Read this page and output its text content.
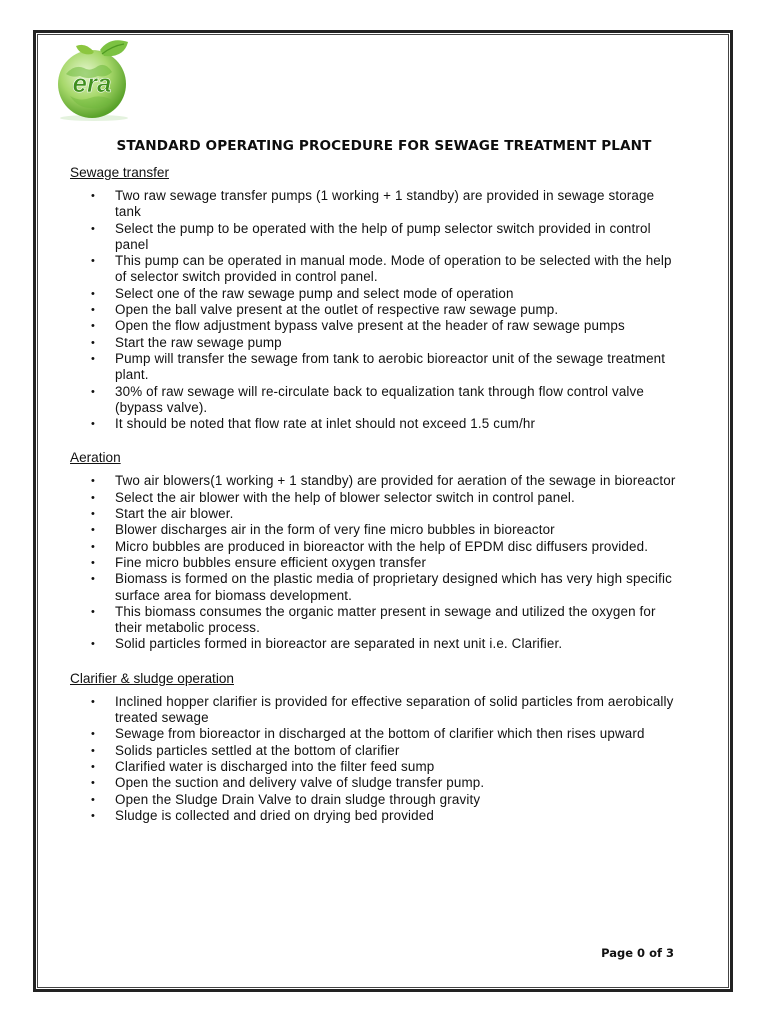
era
STANDARD OPERATING PROCEDURE FOR SEWAGE TREATMENT PLANT
Sewage transfer
• Two raw sewage transfer pumps (1 working + 1 standby) are provided in sewage storage tank
• Select the pump to be operated with the help of pump selector switch provided in control panel
• This pump can be operated in manual mode. Mode of operation to be selected with the help of selector switch provided in control panel.
• Select one of the raw sewage pump and select mode of operation
• Open the ball valve present at the outlet of respective raw sewage pump.
• Open the flow adjustment bypass valve present at the header of raw sewage pumps
• Start the raw sewage pump
• Pump will transfer the sewage from tank to aerobic bioreactor unit of the sewage treatment plant.
• 30% of raw sewage will re-circulate back to equalization tank through flow control valve (bypass valve).
• It should be noted that flow rate at inlet should not exceed 1.5 cum/hr
Aeration
• Two air blowers(1 working + 1 standby) are provided for aeration of the sewage in bioreactor
• Select the air blower with the help of blower selector switch in control panel.
• Start the air blower.
• Blower discharges air in the form of very fine micro bubbles in bioreactor
• Micro bubbles are produced in bioreactor with the help of EPDM disc diffusers provided.
• Fine micro bubbles ensure efficient oxygen transfer
• Biomass is formed on the plastic media of proprietary designed which has very high specific surface area for biomass development.
• This biomass consumes the organic matter present in sewage and utilized the oxygen for their metabolic process.
• Solid particles formed in bioreactor are separated in next unit i.e. Clarifier.
Clarifier & sludge operation
• Inclined hopper clarifier is provided for effective separation of solid particles from aerobically treated sewage
• Sewage from bioreactor in discharged at the bottom of clarifier which then rises upward
• Solids particles settled at the bottom of clarifier
• Clarified water is discharged into the filter feed sump
• Open the suction and delivery valve of sludge transfer pump.
• Open the Sludge Drain Valve to drain sludge through gravity
• Sludge is collected and dried on drying bed provided
Page 0 of 3
